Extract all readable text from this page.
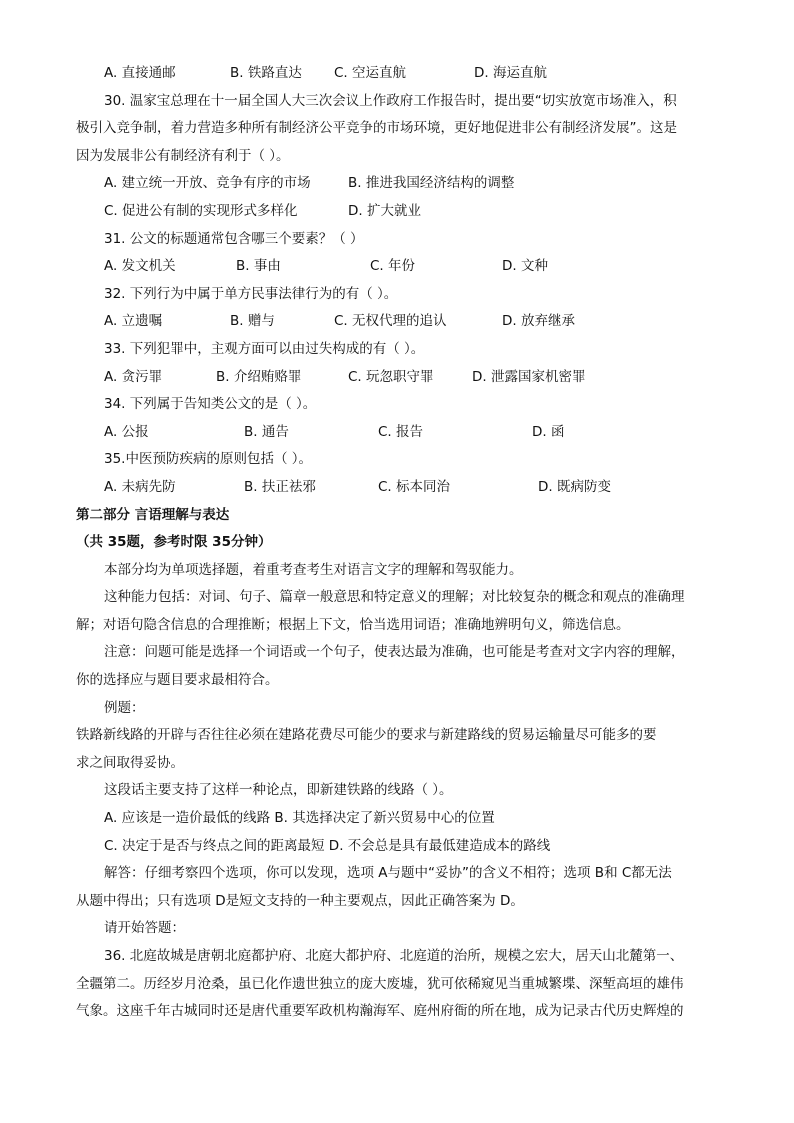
A. 直接通邮	B. 铁路直达	C. 空运直航	D. 海运直航
30. 温家宝总理在十一届全国人大三次会议上作政府工作报告时，提出要“切实放宽市场准入，积
极引入竞争制，着力营造多种所有制经济公平竞争的市场环境，更好地促进非公有制经济发展”。这是
因为发展非公有制经济有利于（ ）。
A. 建立统一开放、竞争有序的市场	B. 推进我国经济结构的调整
C. 促进公有制的实现形式多样化	D. 扩大就业
31. 公文的标题通常包含哪三个要素？（ ）
A. 发文机关	B. 事由	C. 年份	D. 文种
32. 下列行为中属于单方民事法律行为的有（ ）。
A. 立遗嘱	B. 赠与	C. 无权代理的追认	D. 放弃继承
33. 下列犯罪中，主观方面可以由过失构成的有（ ）。
A. 贪污罪	B. 介绍贿赂罪	C. 玩忽职守罪	D. 泄露国家机密罪
34. 下列属于告知类公文的是（ ）。
A. 公报	B. 通告	C. 报告	D. 函
35.中医预防疾病的原则包括（ ）。
A. 未病先防	B. 扶正祛邪	C. 标本同治	D. 既病防变
第二部分 言语理解与表达
（共 35题，参考时限 35分钟）
本部分均为单项选择题，着重考查考生对语言文字的理解和驾驭能力。
这种能力包括：对词、句子、篇章一般意思和特定意义的理解；对比较复杂的概念和观点的准确理
解；对语句隐含信息的合理推断；根据上下文，恰当选用词语；准确地辨明句义，筛选信息。
注意：问题可能是选择一个词语或一个句子，使表达最为准确，也可能是考查对文字内容的理解，
你的选择应与题目要求最相符合。
例题：
铁路新线路的开辟与否往往必须在建路花费尽可能少的要求与新建路线的贸易运输量尽可能多的要
求之间取得妥协。
这段话主要支持了这样一种论点，即新建铁路的线路（ ）。
A. 应该是一造价最低的线路 B. 其选择决定了新兴贸易中心的位置
C. 决定于是否与终点之间的距离最短 D. 不会总是具有最低建造成本的路线
解答：仔细考察四个选项，你可以发现，选项 A与题中“妥协”的含义不相符；选项 B和 C都无法
从题中得出；只有选项 D是短文支持的一种主要观点，因此正确答案为 D。
请开始答题：
36. 北庭故城是唐朝北庭都护府、北庭大都护府、北庭道的治所，规模之宏大，居天山北麓第一、
全疆第二。历经岁月沧桑，虽已化作遗世独立的庞大废墟，犹可依稀窥见当重城繁堞、深堑高垣的雄伟
气象。这座千年古城同时还是唐代重要军政机构瀚海军、庭州府衙的所在地，成为记录古代历史辉煌的
